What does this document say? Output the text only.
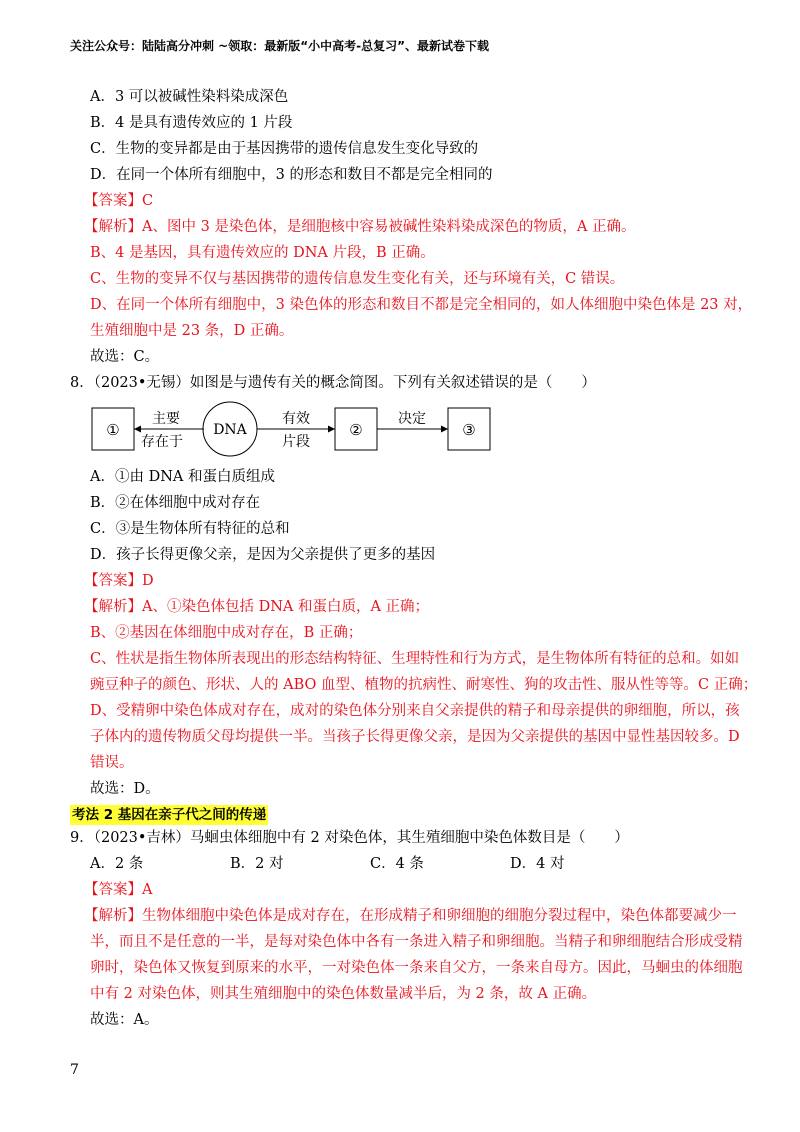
关注公众号：陆陆高分冲刺 ~领取：最新版“小中高考-总复习”、最新试卷下载
A．3 可以被碱性染料染成深色
B．4 是具有遗传效应的 1 片段
C．生物的变异都是由于基因携带的遗传信息发生变化导致的
D．在同一个体所有细胞中，3 的形态和数目不都是完全相同的
【答案】C
【解析】A、图中 3 是染色体，是细胞核中容易被碱性染料染成深色的物质，A 正确。
B、4 是基因，具有遗传效应的 DNA 片段，B 正确。
C、生物的变异不仅与基因携带的遗传信息发生变化有关，还与环境有关，C 错误。
D、在同一个体所有细胞中，3 染色体的形态和数目不都是完全相同的，如人体细胞中染色体是 23 对，
生殖细胞中是 23 条，D 正确。
故选：C。
8．（2023•无锡）如图是与遗传有关的概念简图。下列有关叙述错误的是（　　）
①
主要
存在于
DNA
有效
片段
②
决定
③
A．①由 DNA 和蛋白质组成
B．②在体细胞中成对存在
C．③是生物体所有特征的总和
D．孩子长得更像父亲，是因为父亲提供了更多的基因
【答案】D
【解析】A、①染色体包括 DNA 和蛋白质，A 正确；
B、②基因在体细胞中成对存在，B 正确；
C、性状是指生物体所表现出的形态结构特征、生理特性和行为方式，是生物体所有特征的总和。如如
豌豆种子的颜色、形状、人的 ABO 血型、植物的抗病性、耐寒性、狗的攻击性、服从性等等。C 正确；
D、受精卵中染色体成对存在，成对的染色体分别来自父亲提供的精子和母亲提供的卵细胞，所以，孩
子体内的遗传物质父母均提供一半。当孩子长得更像父亲，是因为父亲提供的基因中显性基因较多。D
错误。
故选：D。
考法 2 基因在亲子代之间的传递
9．（2023•吉林）马蛔虫体细胞中有 2 对染色体，其生殖细胞中染色体数目是（　　）
A．2 条	B．2 对	C．4 条	D．4 对
【答案】A
【解析】生物体细胞中染色体是成对存在，在形成精子和卵细胞的细胞分裂过程中，染色体都要减少一
半，而且不是任意的一半，是每对染色体中各有一条进入精子和卵细胞。当精子和卵细胞结合形成受精
卵时，染色体又恢复到原来的水平，一对染色体一条来自父方，一条来自母方。因此，马蛔虫的体细胞
中有 2 对染色体，则其生殖细胞中的染色体数量减半后，为 2 条，故 A 正确。
故选：A。
7
